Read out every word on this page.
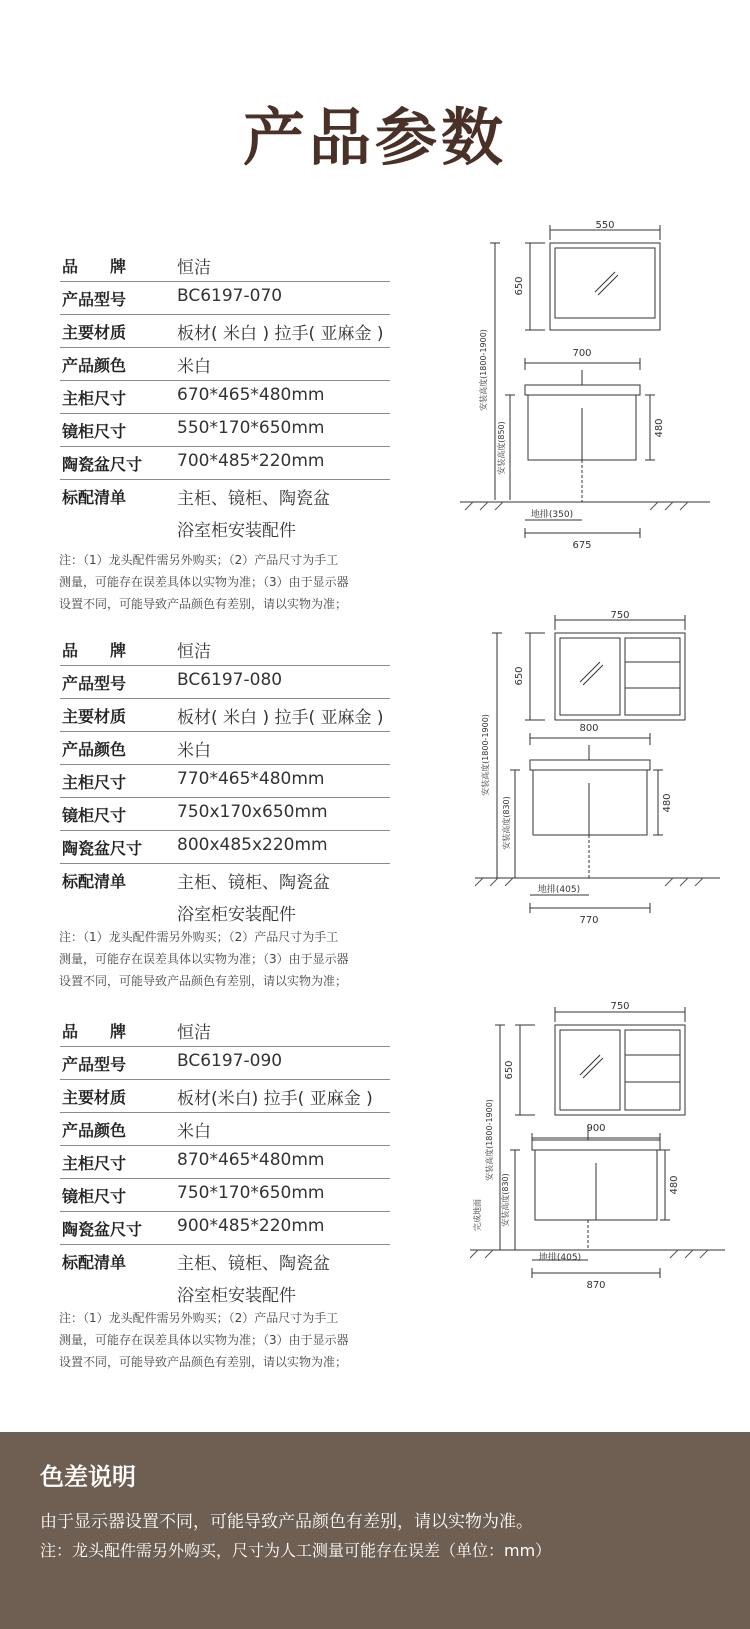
产品参数
品　　牌	恒洁
产品型号	BC6197-070
主要材质	板材( 米白 ) 拉手( 亚麻金 )
产品颜色	米白
主柜尺寸	670*465*480mm
镜柜尺寸	550*170*650mm
陶瓷盆尺寸 700*485*220mm
标配清单	主柜、镜柜、陶瓷盆
浴室柜安装配件
注：（1）龙头配件需另外购买；（2）产品尺寸为手工
测量，可能存在误差具体以实物为准；（3）由于显示器
设置不同，可能导致产品颜色有差别，请以实物为准；
550
650
700
480
安装高度(1800-1900)
安装高度(850)
地排(350)
675
品　　牌	恒洁
产品型号	BC6197-080
主要材质	板材( 米白 ) 拉手( 亚麻金 )
产品颜色	米白
主柜尺寸	770*465*480mm
镜柜尺寸	750x170x650mm
陶瓷盆尺寸 800x485x220mm
标配清单	主柜、镜柜、陶瓷盆
浴室柜安装配件
注：（1）龙头配件需另外购买；（2）产品尺寸为手工
测量，可能存在误差具体以实物为准；（3）由于显示器
设置不同，可能导致产品颜色有差别，请以实物为准；
750
650
800
480
安装高度(1800-1900)
安装高度(830)
地排(405)
770
品　　牌	恒洁
产品型号	BC6197-090
主要材质	板材(米白) 拉手( 亚麻金 )
产品颜色	米白
主柜尺寸	870*465*480mm
镜柜尺寸	750*170*650mm
陶瓷盆尺寸 900*485*220mm
标配清单	主柜、镜柜、陶瓷盆
浴室柜安装配件
注：（1）龙头配件需另外购买；（2）产品尺寸为手工
测量，可能存在误差具体以实物为准；（3）由于显示器
设置不同，可能导致产品颜色有差别，请以实物为准；
750
650
900
480
安装高度(1800-1900)
安装高度(830)
完成地面
地排(405)
870
色差说明
由于显示器设置不同，可能导致产品颜色有差别，请以实物为准。
注：龙头配件需另外购买，尺寸为人工测量可能存在误差（单位：mm）
